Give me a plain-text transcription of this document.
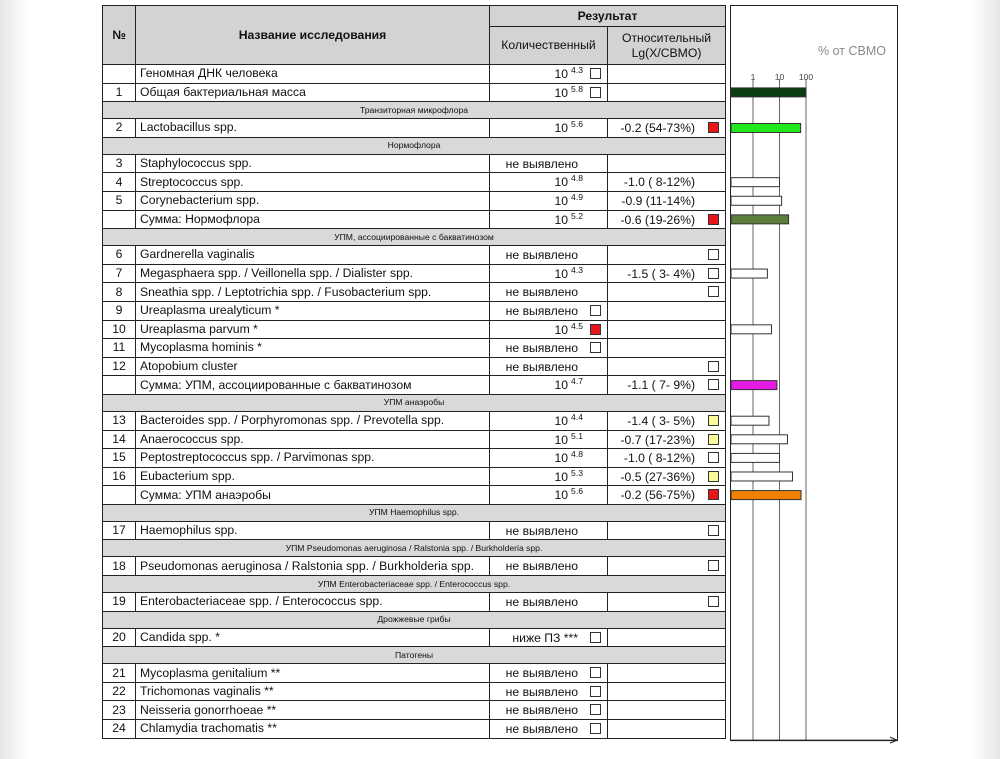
№	Название исследования	Результат	
		Количественный	Относительный Lg(X/СВМО)
	Геномная ДНК человека	10 $^{4.3}$

1	Общая бактериальная масса	10 $^{5.8}$

Транзиторная микрофлора			
2	Lactobacillus spp.	10 $^{5.6}$	-0.2 (54-73%)

Нормофлора			
3	Staphylococcus spp.	не выявлено	

4	Streptococcus spp.	10 $^{4.8}$	-1.0 ( 8-12%)

5	Corynebacterium spp.	10 $^{4.9}$	-0.9 (11-14%)

	Сумма: Нормофлора	10 $^{5.2}$	-0.6 (19-26%)

УПМ, ассоциированные с бакватинозом			
6	Gardnerella vaginalis	не выявлено	

7	Megasphaera spp. / Veillonella spp. / Dialister spp.	10 $^{4.3}$	-1.5 ( 3- 4%)

8	Sneathia spp. / Leptotrichia spp. / Fusobacterium spp.	не выявлено	

9	Ureaplasma urealyticum *	не выявлено	

10	Ureaplasma parvum *	10 $^{4.5}$

11	Mycoplasma hominis *	не выявлено	

12	Atopobium cluster	не выявлено	

	Сумма: УПМ, ассоциированные с бакватинозом	10 $^{4.7}$	-1.1 ( 7- 9%)

УПМ анаэробы			
13	Bacteroides spp. / Porphyromonas spp. / Prevotella spp.	10 $^{4.4}$	-1.4 ( 3- 5%)

14	Anaerococcus spp.	10 $^{5.1}$	-0.7 (17-23%)

15	Peptostreptococcus spp. / Parvimonas spp.	10 $^{4.8}$	-1.0 ( 8-12%)

16	Eubacterium spp.	10 $^{5.3}$	-0.5 (27-36%)

	Сумма: УПМ анаэробы	10 $^{5.6}$	-0.2 (56-75%)

УПМ Haemophilus spp.			
17	Haemophilus spp.	не выявлено	

УПМ Pseudomonas aeruginosa / Ralstonia spp. / Burkholderia spp.			
18	Pseudomonas aeruginosa / Ralstonia spp. / Burkholderia spp.	не выявлено	

УПМ Enterobacteriaceae spp. / Enterococcus spp.			
19	Enterobacteriaceae spp. / Enterococcus spp.	не выявлено	

Дрожжевые грибы			
20	Candida spp. *	ниже ПЗ ***	

Патогены			
21	Mycoplasma genitalium **	не выявлено	

22	Trichomonas vaginalis **	не выявлено	

23	Neisseria gonorrhoeae **	не выявлено	

24	Chlamydia trachomatis **	не выявлено	

% от СВМО
1 10 100
